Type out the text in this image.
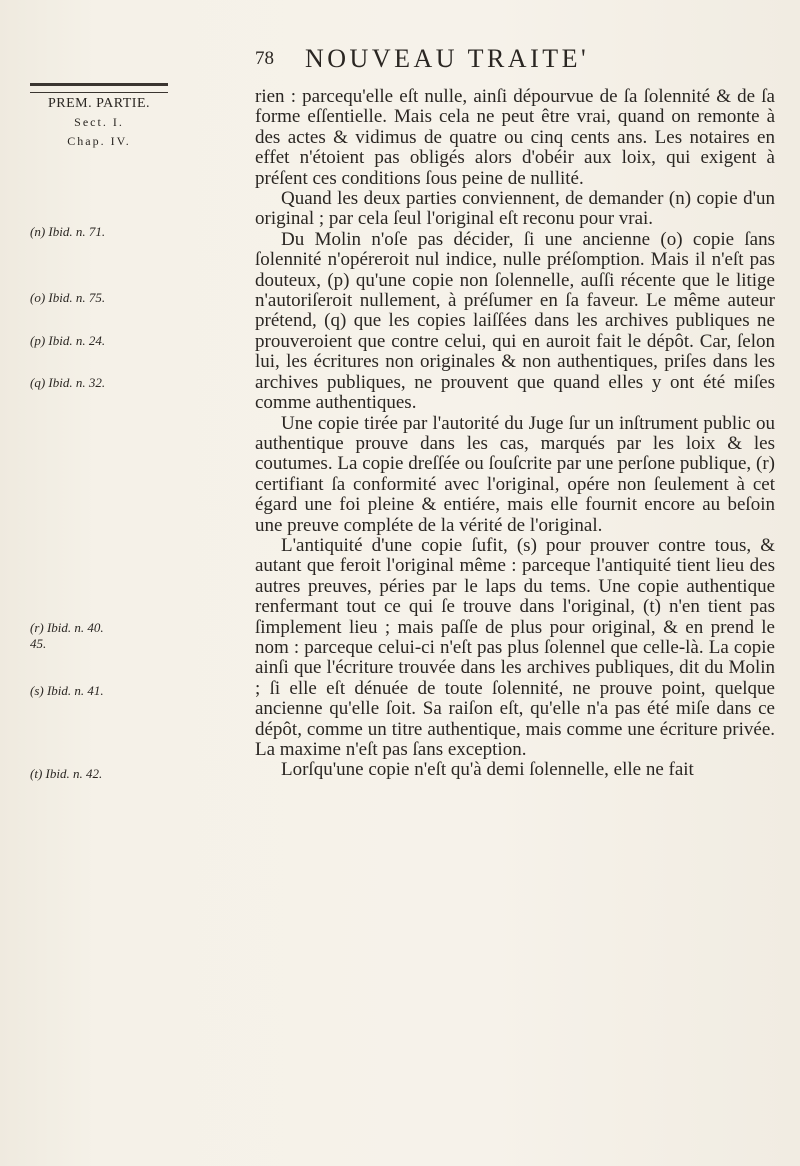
78 NOUVEAU TRAITE'
PREM. PARTIE.
Sect. I.
Chap. IV.
(n) Ibid. n. 71.
(o) Ibid. n. 75.
(p) Ibid. n. 24.
(q) Ibid. n. 32.
(r) Ibid. n. 40.
45.
(s) Ibid. n. 41.
(t) Ibid. n. 42.

rien : parcequ'elle eſt nulle, ainſi dépourvue de ſa ſolennité & de ſa forme eſſentielle. Mais cela ne peut être vrai, quand on remonte à des actes & vidimus de quatre ou cinq cents ans. Les notaires en effet n'étoient pas obligés alors d'obéir aux loix, qui exigent à préſent ces conditions ſous peine de nullité.

Quand les deux parties conviennent, de demander (n) copie d'un original ; par cela ſeul l'original eſt reconu pour vrai.

Du Molin n'oſe pas décider, ſi une ancienne (o) copie ſans ſolennité n'opéreroit nul indice, nulle préſomption. Mais il n'eſt pas douteux, (p) qu'une copie non ſolennelle, auſſi récente que le litige n'autoriſeroit nullement, à préſumer en ſa faveur. Le même auteur prétend, (q) que les copies laiſſées dans les archives publiques ne prouveroient que contre celui, qui en auroit fait le dépôt. Car, ſelon lui, les écritures non originales & non authentiques, priſes dans les archives publiques, ne prouvent que quand elles y ont été miſes comme authentiques.

Une copie tirée par l'autorité du Juge ſur un inſtrument public ou authentique prouve dans les cas, marqués par les loix & les coutumes. La copie dreſſée ou ſouſcrite par une perſone publique, (r) certifiant ſa conformité avec l'original, opére non ſeulement à cet égard une foi pleine & entiére, mais elle fournit encore au beſoin une preuve compléte de la vérité de l'original.

L'antiquité d'une copie ſufit, (s) pour prouver contre tous, & autant que feroit l'original même : parceque l'antiquité tient lieu des autres preuves, péries par le laps du tems. Une copie authentique renfermant tout ce qui ſe trouve dans l'original, (t) n'en tient pas ſimplement lieu ; mais paſſe de plus pour original, & en prend le nom : parceque celui-ci n'eſt pas plus ſolennel que celle-là. La copie ainſi que l'écriture trouvée dans les archives publiques, dit du Molin ; ſi elle eſt dénuée de toute ſolennité, ne prouve point, quelque ancienne qu'elle ſoit. Sa raiſon eſt, qu'elle n'a pas été miſe dans ce dépôt, comme un titre authentique, mais comme une écriture privée. La maxime n'eſt pas ſans exception.

Lorſqu'une copie n'eſt qu'à demi ſolennelle, elle ne fait
